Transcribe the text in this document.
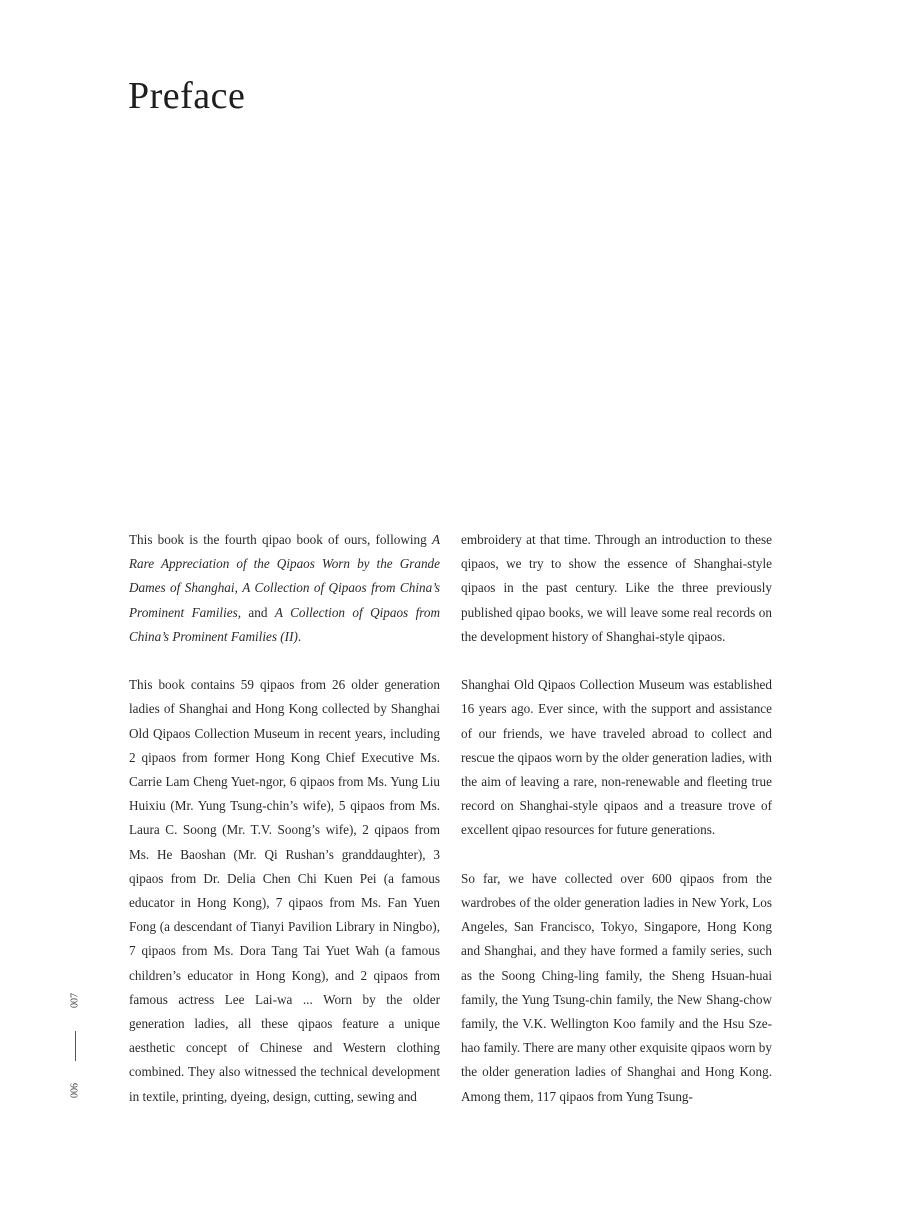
Preface

This book is the fourth qipao book of ours, following A Rare Appreciation of the Qipaos Worn by the Grande Dames of Shanghai, A Collection of Qipaos from China’s Prominent Families, and A Collection of Qipaos from China’s Prominent Families (II).

This book contains 59 qipaos from 26 older generation ladies of Shanghai and Hong Kong collected by Shanghai Old Qipaos Collection Museum in recent years, including 2 qipaos from former Hong Kong Chief Executive Ms. Carrie Lam Cheng Yuet-ngor, 6 qipaos from Ms. Yung Liu Huixiu (Mr. Yung Tsung-chin’s wife), 5 qipaos from Ms. Laura C. Soong (Mr. T.V. Soong’s wife), 2 qipaos from Ms. He Baoshan (Mr. Qi Rushan’s granddaughter), 3 qipaos from Dr. Delia Chen Chi Kuen Pei (a famous educator in Hong Kong), 7 qipaos from Ms. Fan Yuen Fong (a descendant of Tianyi Pavilion Library in Ningbo), 7 qipaos from Ms. Dora Tang Tai Yuet Wah (a famous children’s educator in Hong Kong), and 2 qipaos from famous actress Lee Lai-wa ... Worn by the older generation ladies, all these qipaos feature a unique aesthetic concept of Chinese and Western clothing combined. They also witnessed the technical development in textile, printing, dyeing, design, cutting, sewing and

embroidery at that time. Through an introduction to these qipaos, we try to show the essence of Shanghai-style qipaos in the past century. Like the three previously published qipao books, we will leave some real records on the development history of Shanghai-style qipaos.

Shanghai Old Qipaos Collection Museum was established 16 years ago. Ever since, with the support and assistance of our friends, we have traveled abroad to collect and rescue the qipaos worn by the older generation ladies, with the aim of leaving a rare, non-renewable and fleeting true record on Shanghai-style qipaos and a treasure trove of excellent qipao resources for future generations.

So far, we have collected over 600 qipaos from the wardrobes of the older generation ladies in New York, Los Angeles, San Francisco, Tokyo, Singapore, Hong Kong and Shanghai, and they have formed a family series, such as the Soong Ching-ling family, the Sheng Hsuan-huai family, the Yung Tsung-chin family, the New Shang-chow family, the V.K. Wellington Koo family and the Hsu Sze-hao family. There are many other exquisite qipaos worn by the older generation ladies of Shanghai and Hong Kong. Among them, 117 qipaos from Yung Tsung-

007
006
